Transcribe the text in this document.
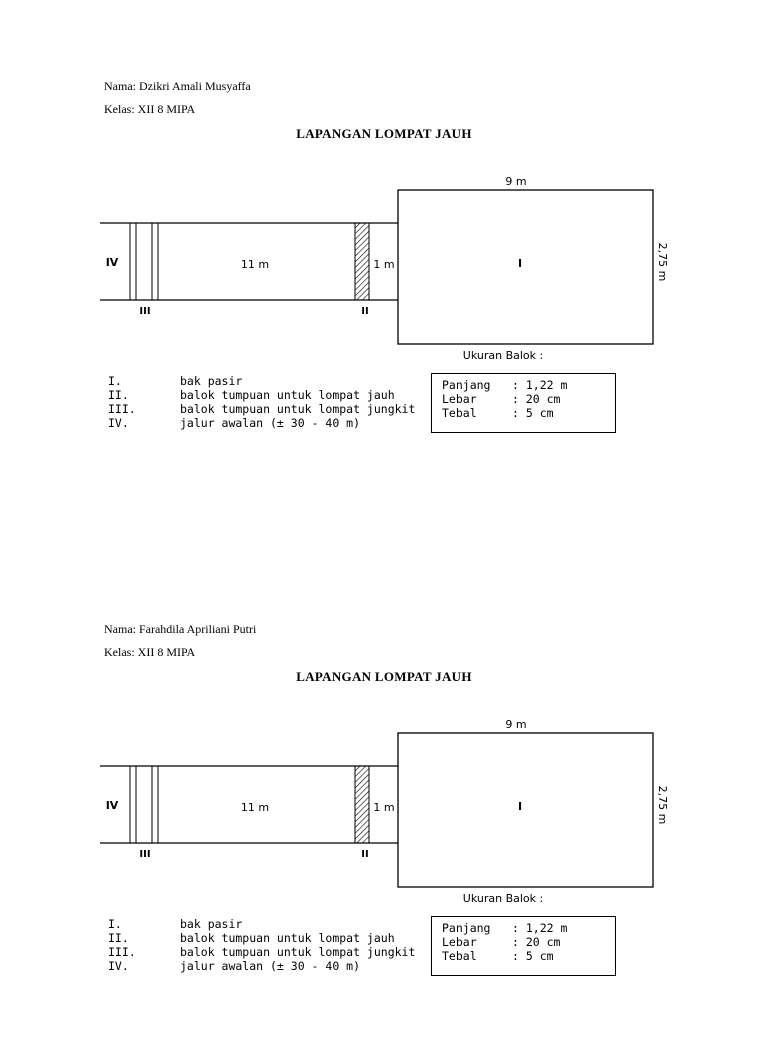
Nama: Dzikri Amali Musyaffa
Kelas: XII 8 MIPA
LAPANGAN LOMPAT JAUH
9 m
2,75 m
11 m	1 m	I
IV
III	II
Ukuran Balok :
I.	bak pasir
II.	balok tumpuan untuk lompat jauh
III.	balok tumpuan untuk lompat jungkit
IV.	jalur awalan (± 30 - 40 m)
Panjang	: 1,22 m
Lebar	: 20 cm
Tebal	: 5 cm
Nama: Farahdila Apriliani Putri
Kelas: XII 8 MIPA
LAPANGAN LOMPAT JAUH
9 m
2,75 m
11 m	1 m	I
IV
III	II
Ukuran Balok :
I.	bak pasir
II.	balok tumpuan untuk lompat jauh
III.	balok tumpuan untuk lompat jungkit
IV.	jalur awalan (± 30 - 40 m)
Panjang	: 1,22 m
Lebar	: 20 cm
Tebal	: 5 cm
